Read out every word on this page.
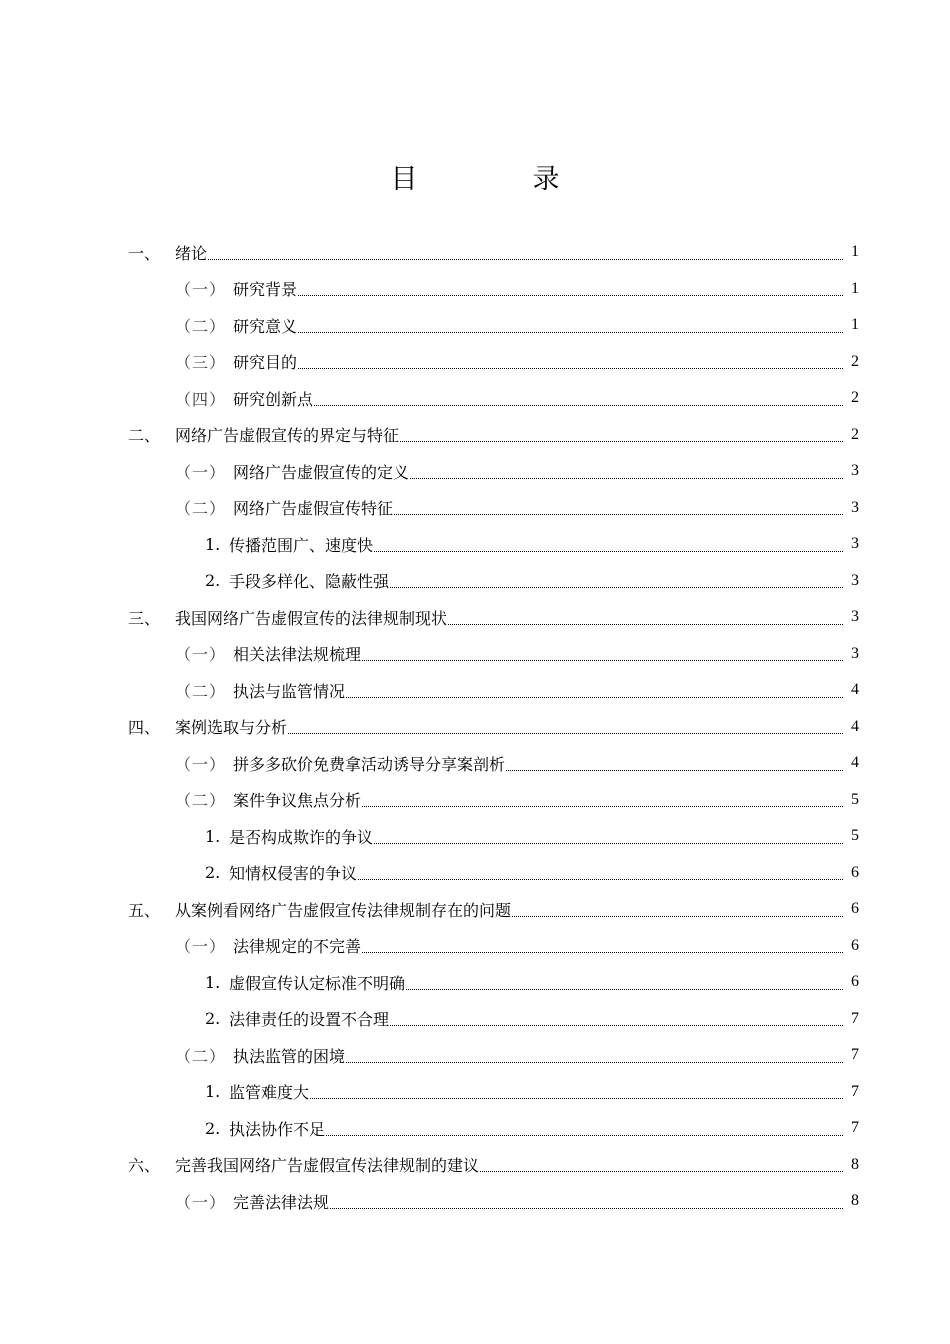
目　录
一、 绪论	1
（一） 研究背景	1
（二） 研究意义	1
（三） 研究目的	2
（四） 研究创新点	2
二、 网络广告虚假宣传的界定与特征	2
（一） 网络广告虚假宣传的定义	3
（二） 网络广告虚假宣传特征	3
1. 传播范围广、速度快	3
2. 手段多样化、隐蔽性强	3
三、 我国网络广告虚假宣传的法律规制现状	3
（一） 相关法律法规梳理	3
（二） 执法与监管情况	4
四、 案例选取与分析	4
（一） 拼多多砍价免费拿活动诱导分享案剖析	4
（二） 案件争议焦点分析	5
1. 是否构成欺诈的争议	5
2. 知情权侵害的争议	6
五、 从案例看网络广告虚假宣传法律规制存在的问题	6
（一） 法律规定的不完善	6
1. 虚假宣传认定标准不明确	6
2. 法律责任的设置不合理	7
（二） 执法监管的困境	7
1. 监管难度大	7
2. 执法协作不足	7
六、 完善我国网络广告虚假宣传法律规制的建议	8
（一） 完善法律法规	8
